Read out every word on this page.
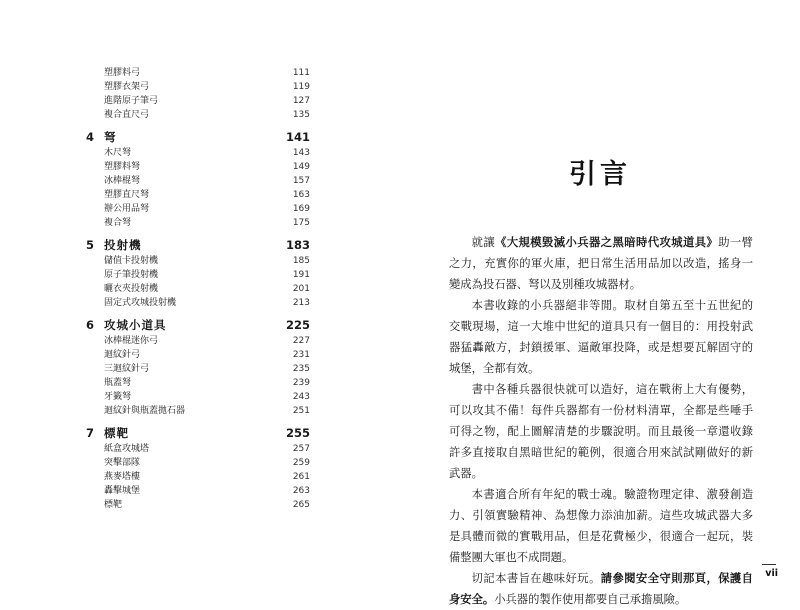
塑膠料弓	111
塑膠衣架弓	119
進階原子筆弓	127
複合直尺弓	135
4 弩	141
木尺弩	143
塑膠料弩	149
冰棒棍弩	157
塑膠直尺弩	163
辦公用品弩	169
複合弩	175
5 投射機	183
儲值卡投射機	185
原子筆投射機	191
曬衣夾投射機	201
固定式攻城投射機	213
6 攻城小道具	225
冰棒棍迷你弓	227
迴紋針弓	231
三迴紋針弓	235
瓶蓋弩	239
牙籤弩	243
迴紋針與瓶蓋拋石器	251
7 標靶	255
紙盒攻城塔	257
突擊部隊	259
燕麥塔樓	261
轟擊城堡	263
標靶	265
引言

就讓《大規模毀滅小兵器之黑暗時代攻城道具》助一臂之力，充實你的軍火庫，把日常生活用品加以改造，搖身一變成為投石器、弩以及別種攻城器材。

本書收錄的小兵器絕非等閒。取材自第五至十五世紀的交戰現場，這一大堆中世紀的道具只有一個目的：用投射武器猛轟敵方，封鎖援軍、逼敵軍投降，或是想要瓦解固守的城堡，全都有效。

書中各種兵器很快就可以造好，這在戰術上大有優勢，可以攻其不備！每件兵器都有一份材料清單，全都是些唾手可得之物，配上圖解清楚的步驟說明。而且最後一章還收錄許多直接取自黑暗世紀的範例，很適合用來試試剛做好的新武器。

本書適合所有年紀的戰士魂。驗證物理定律、激發創造力、引領實驗精神、為想像力添油加薪。這些攻城武器大多是具體而微的實戰用品，但是花費極少，很適合一起玩，裝備整團大軍也不成問題。

切記本書旨在趣味好玩。請參閱安全守則那頁，保護自身安全。小兵器的製作使用都要自己承擔風險。

vii
